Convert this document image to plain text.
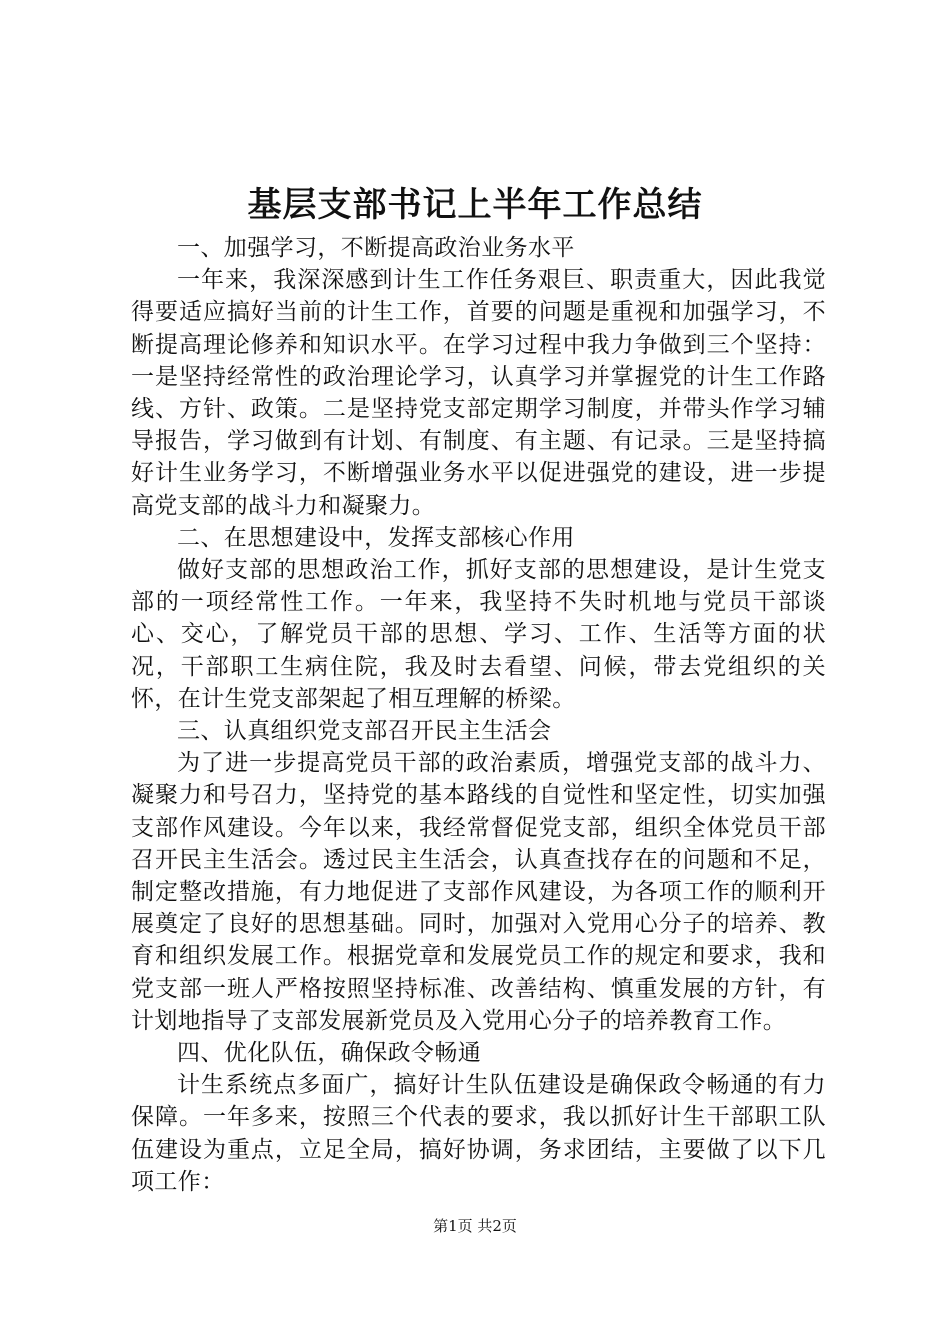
基层支部书记上半年工作总结

一、加强学习，不断提高政治业务水平

一年来，我深深感到计生工作任务艰巨、职责重大，因此我觉得要适应搞好当前的计生工作，首要的问题是重视和加强学习，不断提高理论修养和知识水平。在学习过程中我力争做到三个坚持：一是坚持经常性的政治理论学习，认真学习并掌握党的计生工作路线、方针、政策。二是坚持党支部定期学习制度，并带头作学习辅导报告，学习做到有计划、有制度、有主题、有记录。三是坚持搞好计生业务学习，不断增强业务水平以促进强党的建设，进一步提高党支部的战斗力和凝聚力。

二、在思想建设中，发挥支部核心作用

做好支部的思想政治工作，抓好支部的思想建设，是计生党支部的一项经常性工作。一年来，我坚持不失时机地与党员干部谈心、交心，了解党员干部的思想、学习、工作、生活等方面的状况，干部职工生病住院，我及时去看望、问候，带去党组织的关怀，在计生党支部架起了相互理解的桥梁。

三、认真组织党支部召开民主生活会

为了进一步提高党员干部的政治素质，增强党支部的战斗力、凝聚力和号召力，坚持党的基本路线的自觉性和坚定性，切实加强支部作风建设。今年以来，我经常督促党支部，组织全体党员干部召开民主生活会。透过民主生活会，认真查找存在的问题和不足，制定整改措施，有力地促进了支部作风建设，为各项工作的顺利开展奠定了良好的思想基础。同时，加强对入党用心分子的培养、教育和组织发展工作。根据党章和发展党员工作的规定和要求，我和党支部一班人严格按照坚持标准、改善结构、慎重发展的方针，有计划地指导了支部发展新党员及入党用心分子的培养教育工作。

四、优化队伍，确保政令畅通

计生系统点多面广，搞好计生队伍建设是确保政令畅通的有力保障。一年多来，按照三个代表的要求，我以抓好计生干部职工队伍建设为重点，立足全局，搞好协调，务求团结，主要做了以下几项工作：

第1页 共2页
